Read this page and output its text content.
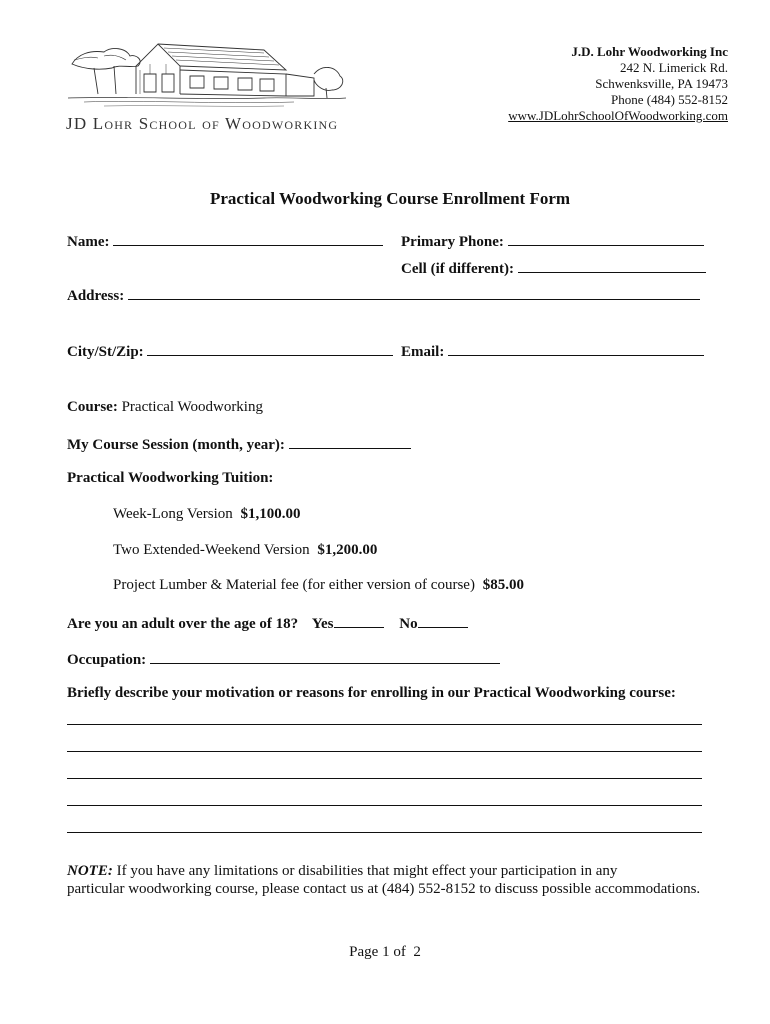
JD Lohr School of Woodworking
J.D. Lohr Woodworking Inc
242 N. Limerick Rd.
Schwenksville, PA 19473
Phone (484) 552-8152
www.JDLohrSchoolOfWoodworking.com
Practical Woodworking Course Enrollment Form
Name:	Primary Phone:
Cell (if different):
Address:
City/St/Zip:	Email:
Course: Practical Woodworking
My Course Session (month, year):
Practical Woodworking Tuition:
Week-Long Version $1,100.00
Two Extended-Weekend Version $1,200.00
Project Lumber & Material fee (for either version of course) $85.00
Are you an adult over the age of 18? Yes	No
Occupation:
Briefly describe your motivation or reasons for enrolling in our Practical Woodworking course:
NOTE: If you have any limitations or disabilities that might effect your participation in any
particular woodworking course, please contact us at (484) 552-8152 to discuss possible accommodations.
Page 1 of  2
